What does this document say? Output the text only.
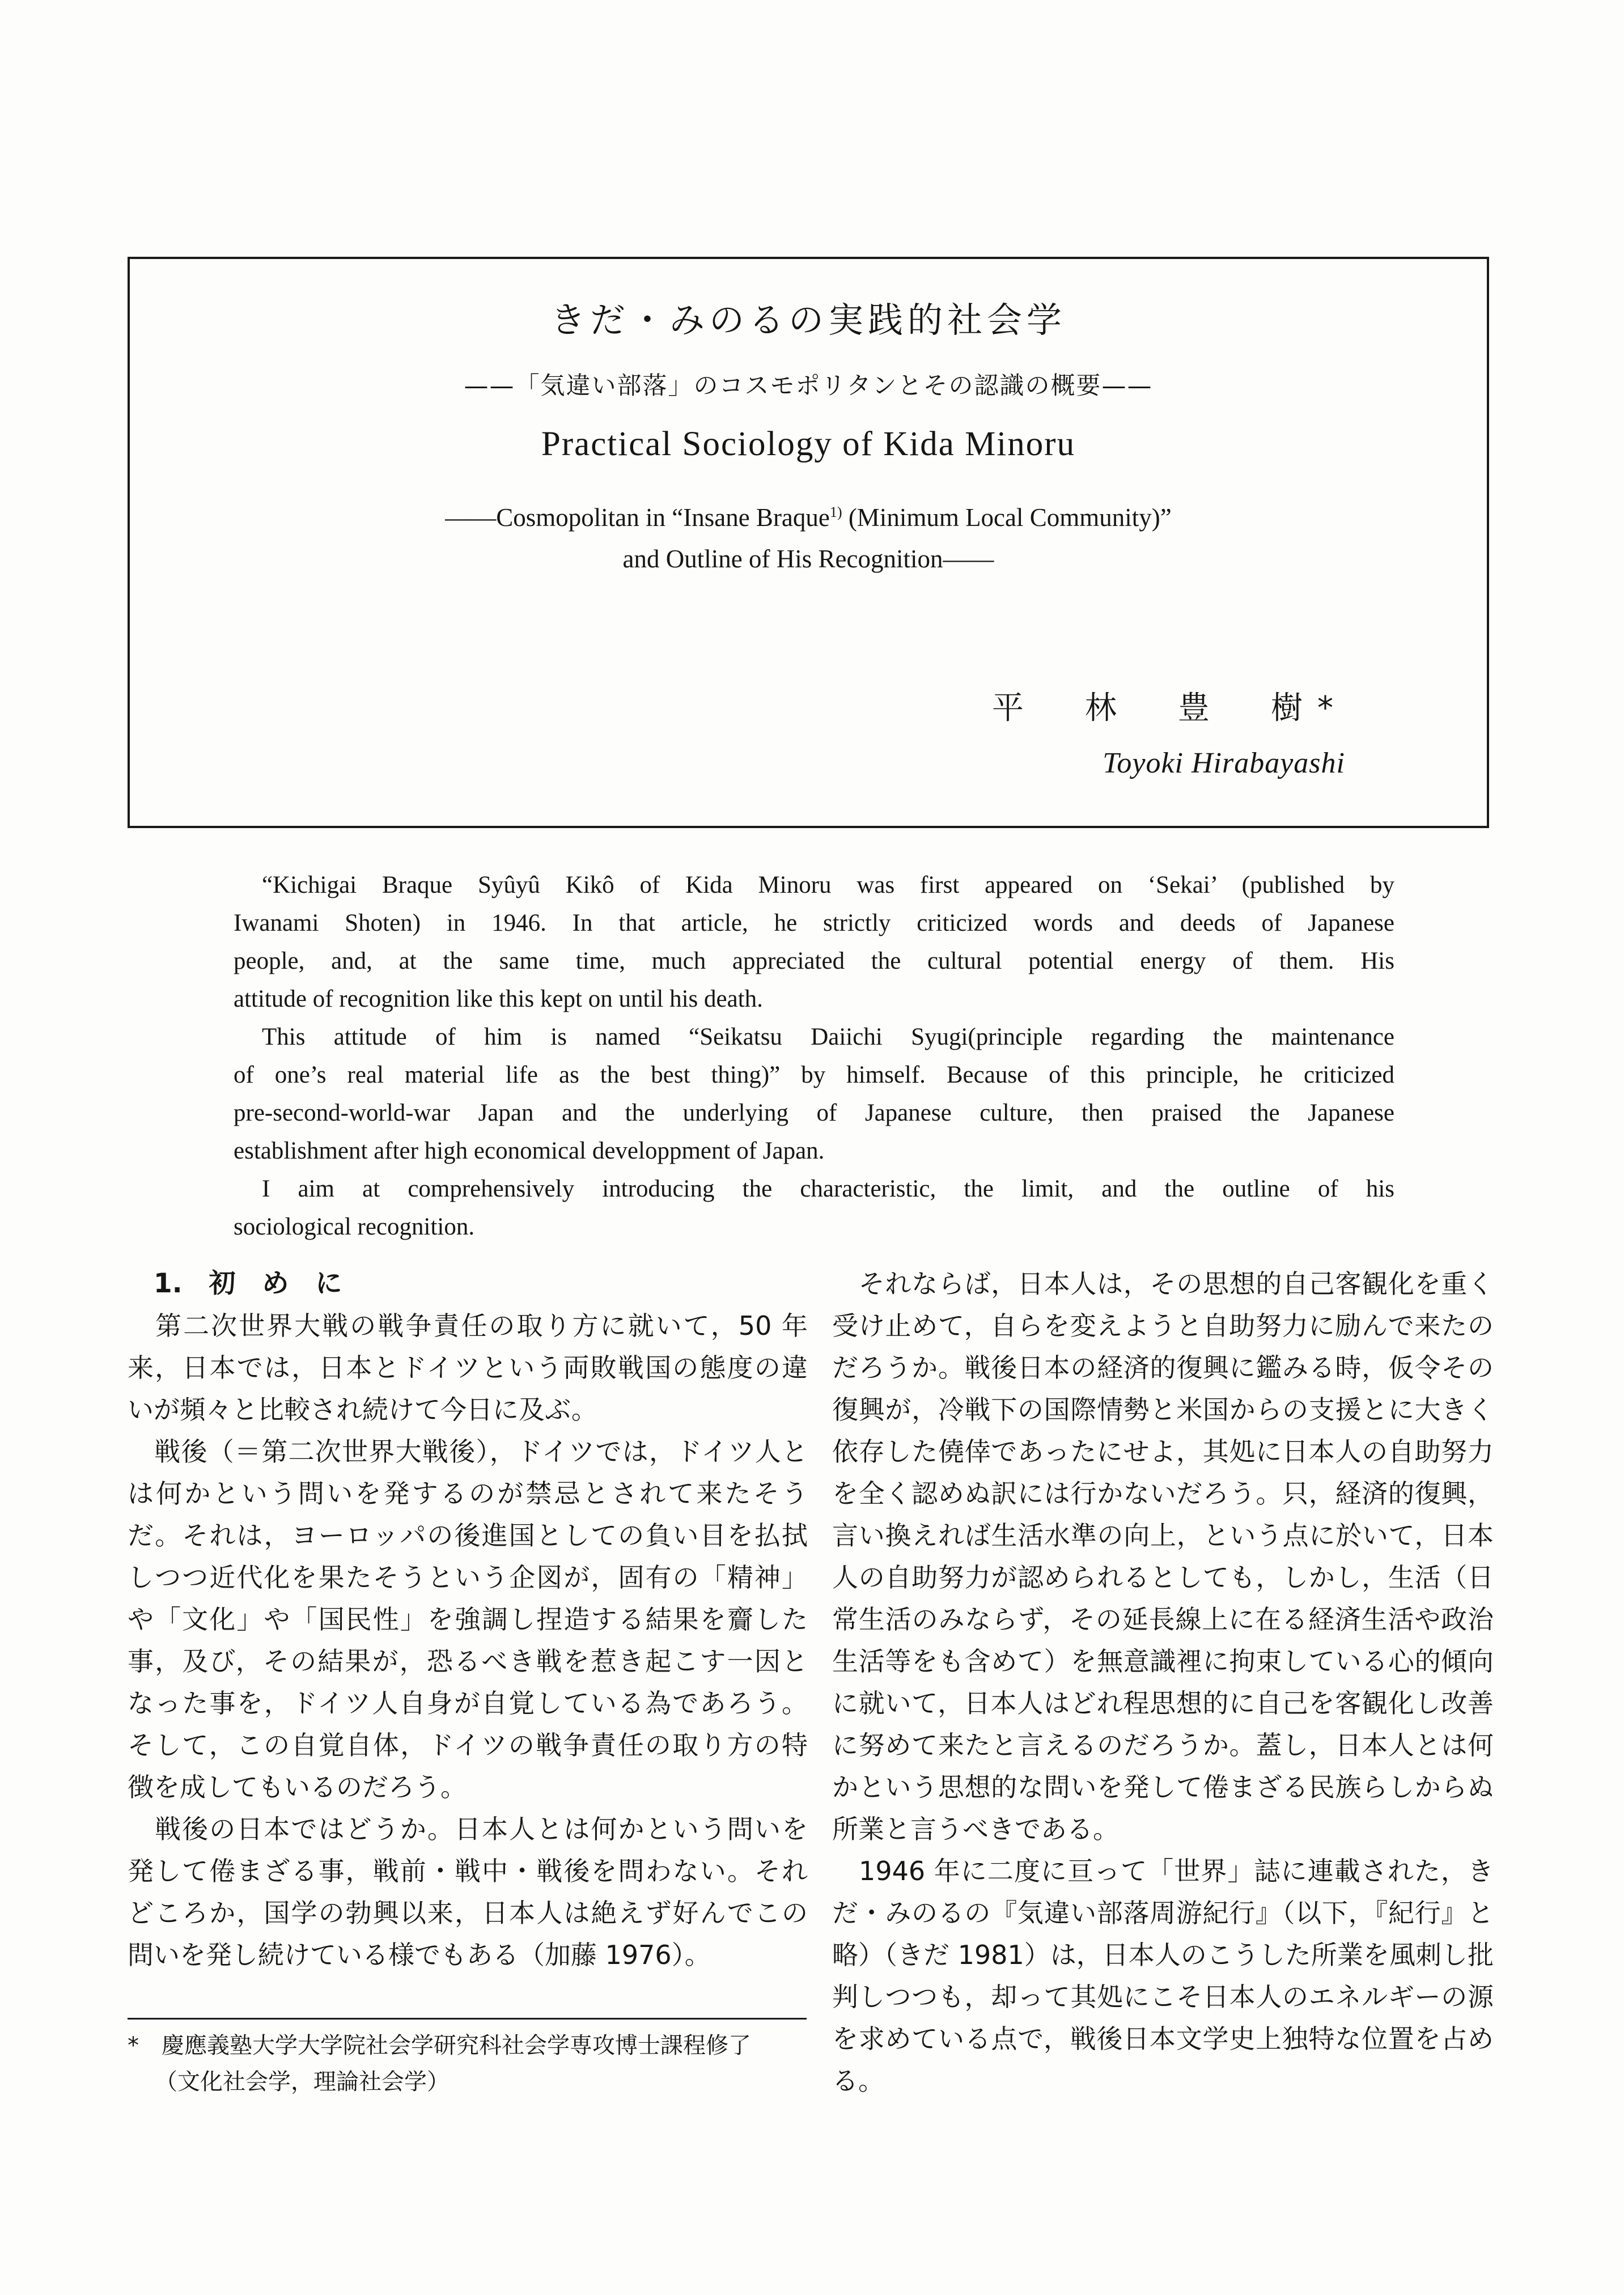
きだ・みのるの実践的社会学
——「気違い部落」のコスモポリタンとその認識の概要——
Practical Sociology of Kida Minoru
——Cosmopolitan in “Insane Braque$^{1)}$ (Minimum Local Community)”
and Outline of His Recognition——
平　林　豊　樹*
Toyoki Hirabayashi
“Kichigai Braque Syûyû Kikô of Kida Minoru was first appeared on ‘Sekai’ (published by
Iwanami Shoten) in 1946. In that article, he strictly criticized words and deeds of Japanese
people, and, at the same time, much appreciated the cultural potential energy of them. His
attitude of recognition like this kept on until his death.
This attitude of him is named “Seikatsu Daiichi Syugi(principle regarding the maintenance
of one’s real material life as the best thing)” by himself. Because of this principle, he criticized
pre-second-world-war Japan and the underlying of Japanese culture, then praised the Japanese
establishment after high economical developpment of Japan.
I aim at comprehensively introducing the characteristic, the limit, and the outline of his
sociological recognition.
1.　初　め　に
　第二次世界大戦の戦争責任の取り方に就いて，50 年
来，日本では，日本とドイツという両敗戦国の態度の違
いが頻々と比較され続けて今日に及ぶ。
　戦後（＝第二次世界大戦後），ドイツでは，ドイツ人と
は何かという問いを発するのが禁忌とされて来たそう
だ。それは，ヨーロッパの後進国としての負い目を払拭
しつつ近代化を果たそうという企図が，固有の「精神」
や「文化」や「国民性」を強調し捏造する結果を齎した
事，及び，その結果が，恐るべき戦を惹き起こす一因と
なった事を，ドイツ人自身が自覚している為であろう。
そして，この自覚自体，ドイツの戦争責任の取り方の特
徴を成してもいるのだろう。
　戦後の日本ではどうか。日本人とは何かという問いを
発して倦まざる事，戦前・戦中・戦後を問わない。それ
どころか，国学の勃興以来，日本人は絶えず好んでこの
問いを発し続けている様でもある（加藤 1976）。
　それならば，日本人は，その思想的自己客観化を重く
受け止めて，自らを変えようと自助努力に励んで来たの
だろうか。戦後日本の経済的復興に鑑みる時，仮令その
復興が，冷戦下の国際情勢と米国からの支援とに大きく
依存した僥倖であったにせよ，其処に日本人の自助努力
を全く認めぬ訳には行かないだろう。只，経済的復興，
言い換えれば生活水準の向上，という点に於いて，日本
人の自助努力が認められるとしても，しかし，生活（日
常生活のみならず，その延長線上に在る経済生活や政治
生活等をも含めて）を無意識裡に拘束している心的傾向
に就いて，日本人はどれ程思想的に自己を客観化し改善
に努めて来たと言えるのだろうか。蓋し，日本人とは何
かという思想的な問いを発して倦まざる民族らしからぬ
所業と言うべきである。
　1946 年に二度に亘って「世界」誌に連載された，き
だ・みのるの『気違い部落周游紀行』（以下，『紀行』と
略）（きだ 1981）は，日本人のこうした所業を風刺し批
判しつつも，却って其処にこそ日本人のエネルギーの源
を求めている点で，戦後日本文学史上独特な位置を占め
る。
*　慶應義塾大学大学院社会学研究科社会学専攻博士課程修了
（文化社会学，理論社会学）
